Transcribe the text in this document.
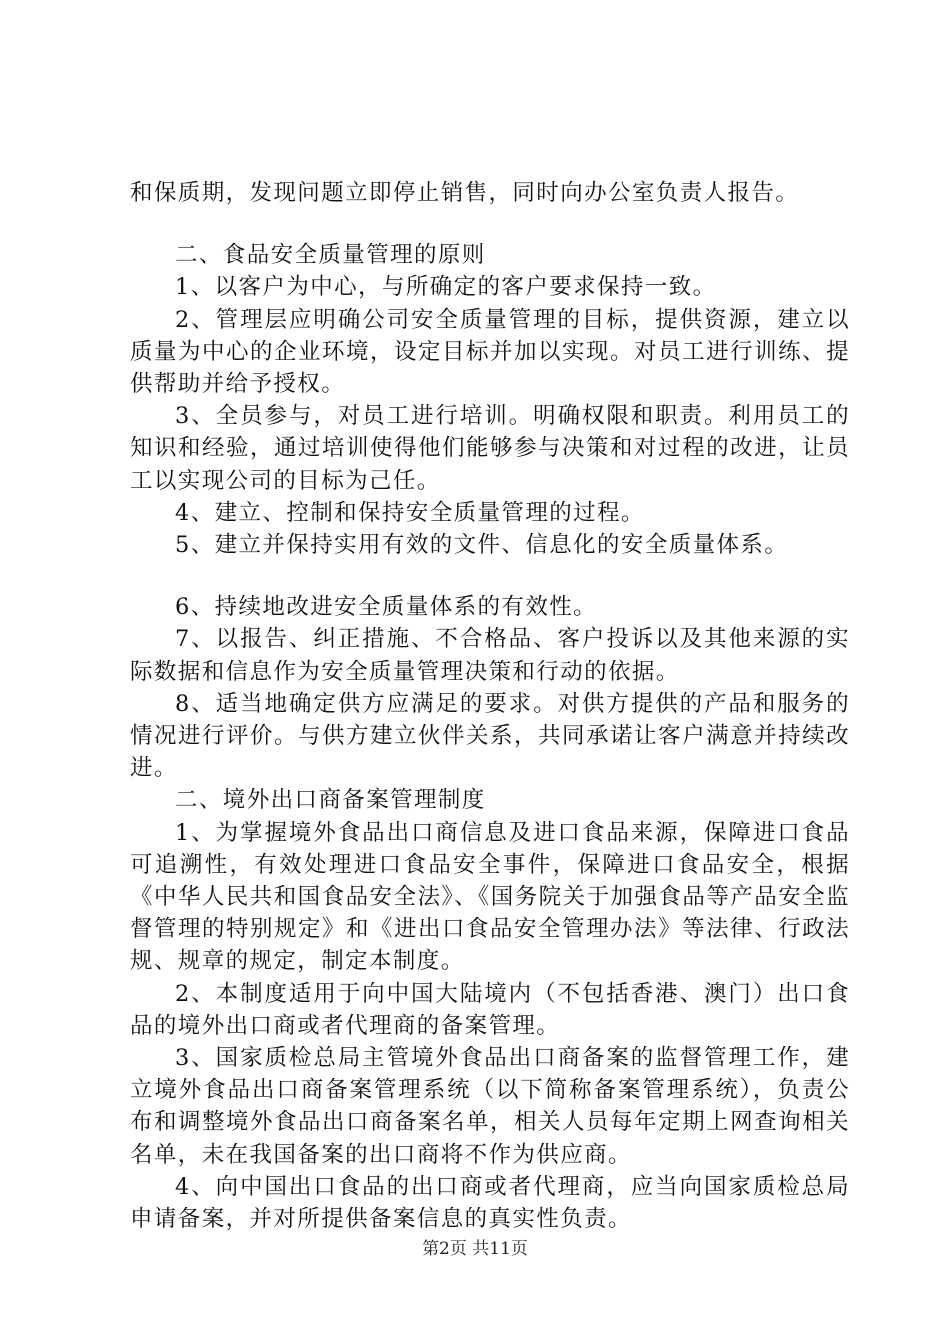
和保质期，发现问题立即停止销售，同时向办公室负责人报告。

二、食品安全质量管理的原则

1、以客户为中心，与所确定的客户要求保持一致。

2、管理层应明确公司安全质量管理的目标，提供资源，建立以质量为中心的企业环境，设定目标并加以实现。对员工进行训练、提供帮助并给予授权。

3、全员参与，对员工进行培训。明确权限和职责。利用员工的知识和经验，通过培训使得他们能够参与决策和对过程的改进，让员工以实现公司的目标为己任。

4、建立、控制和保持安全质量管理的过程。

5、建立并保持实用有效的文件、信息化的安全质量体系。

6、持续地改进安全质量体系的有效性。

7、以报告、纠正措施、不合格品、客户投诉以及其他来源的实际数据和信息作为安全质量管理决策和行动的依据。

8、适当地确定供方应满足的要求。对供方提供的产品和服务的情况进行评价。与供方建立伙伴关系，共同承诺让客户满意并持续改进。

二、境外出口商备案管理制度

1、为掌握境外食品出口商信息及进口食品来源，保障进口食品可追溯性，有效处理进口食品安全事件，保障进口食品安全，根据《中华人民共和国食品安全法》、《国务院关于加强食品等产品安全监督管理的特别规定》和《进出口食品安全管理办法》等法律、行政法规、规章的规定，制定本制度。

2、本制度适用于向中国大陆境内（不包括香港、澳门）出口食品的境外出口商或者代理商的备案管理。

3、国家质检总局主管境外食品出口商备案的监督管理工作，建立境外食品出口商备案管理系统（以下简称备案管理系统），负责公布和调整境外食品出口商备案名单，相关人员每年定期上网查询相关名单，未在我国备案的出口商将不作为供应商。

4、向中国出口食品的出口商或者代理商，应当向国家质检总局申请备案，并对所提供备案信息的真实性负责。

第2页 共11页
